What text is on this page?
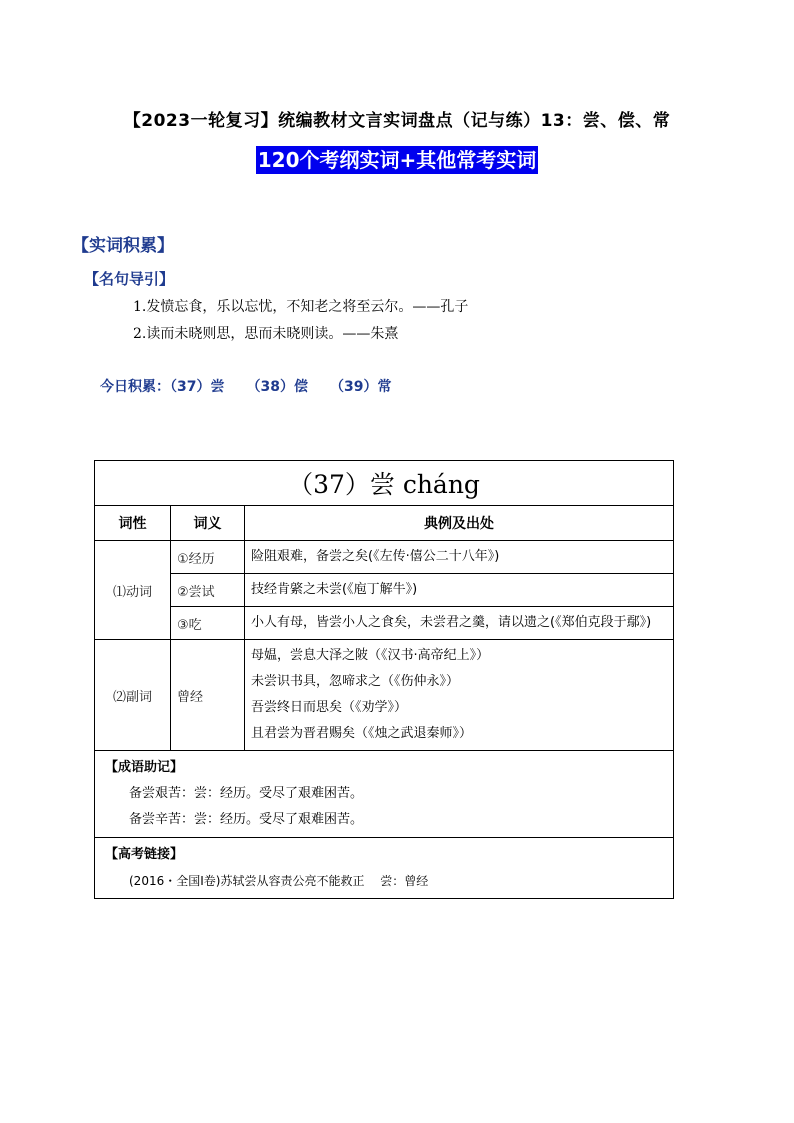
【2023一轮复习】统编教材文言实词盘点（记与练）13：尝、偿、常
120个考纲实词+其他常考实词
【实词积累】
【名句导引】
1.发愤忘食，乐以忘忧，不知老之将至云尔。——孔子
2.读而未晓则思，思而未晓则读。——朱熹
今日积累：（37）尝 （38）偿 （39）常
（37）尝 cháng		
词性	词义	典例及出处
⑴动词	①经历	险阻艰难，备尝之矣(《左传·僖公二十八年》)
	②尝试	技经肯綮之未尝(《庖丁解牛》)
	③吃	小人有母，皆尝小人之食矣，未尝君之羹，请以遗之(《郑伯克段于鄢》)
⑵副词	曾经	母媪，尝息大泽之陂（《汉书·高帝纪上》）
未尝识书具，忽啼求之（《伤仲永》）
吾尝终日而思矣（《劝学》）
且君尝为晋君赐矣（《烛之武退秦师》）

【成语助记】
备尝艰苦：尝：经历。受尽了艰难困苦。
备尝辛苦：尝：经历。受尽了艰难困苦。		

【高考链接】
(2016・全国Ⅰ卷)苏轼尝从容责公亮不能救正　 尝：曾经		
